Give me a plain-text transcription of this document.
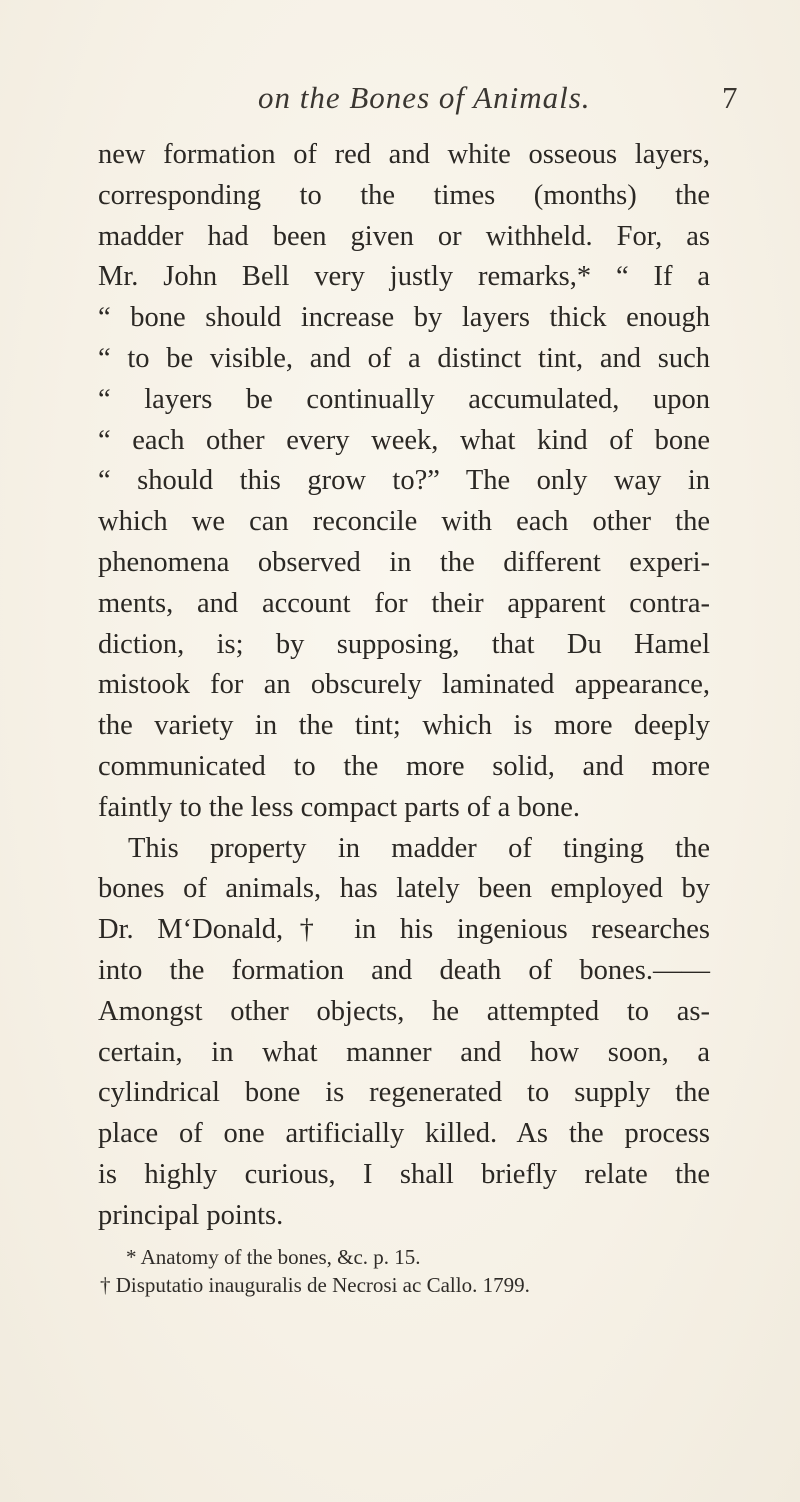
on the Bones of Animals.	7
new formation of red and white osseous layers,
corresponding to the times (months) the
madder had been given or withheld. For, as
Mr. John Bell very justly remarks,* “ If a
“ bone should increase by layers thick enough
“ to be visible, and of a distinct tint, and such
“ layers be continually accumulated, upon
“ each other every week, what kind of bone
“ should this grow to?” The only way in
which we can reconcile with each other the
phenomena observed in the different experi-
ments, and account for their apparent contra-
diction, is; by supposing, that Du Hamel
mistook for an obscurely laminated appearance,
the variety in the tint; which is more deeply
communicated to the more solid, and more
faintly to the less compact parts of a bone.
This property in madder of tinging the
bones of animals, has lately been employed by
Dr. M‘Donald,† in his ingenious researches
into the formation and death of bones.——
Amongst other objects, he attempted to as-
certain, in what manner and how soon, a
cylindrical bone is regenerated to supply the
place of one artificially killed. As the process
is highly curious, I shall briefly relate the
principal points.
* Anatomy of the bones, &c. p. 15.
† Disputatio inauguralis de Necrosi ac Callo. 1799.
